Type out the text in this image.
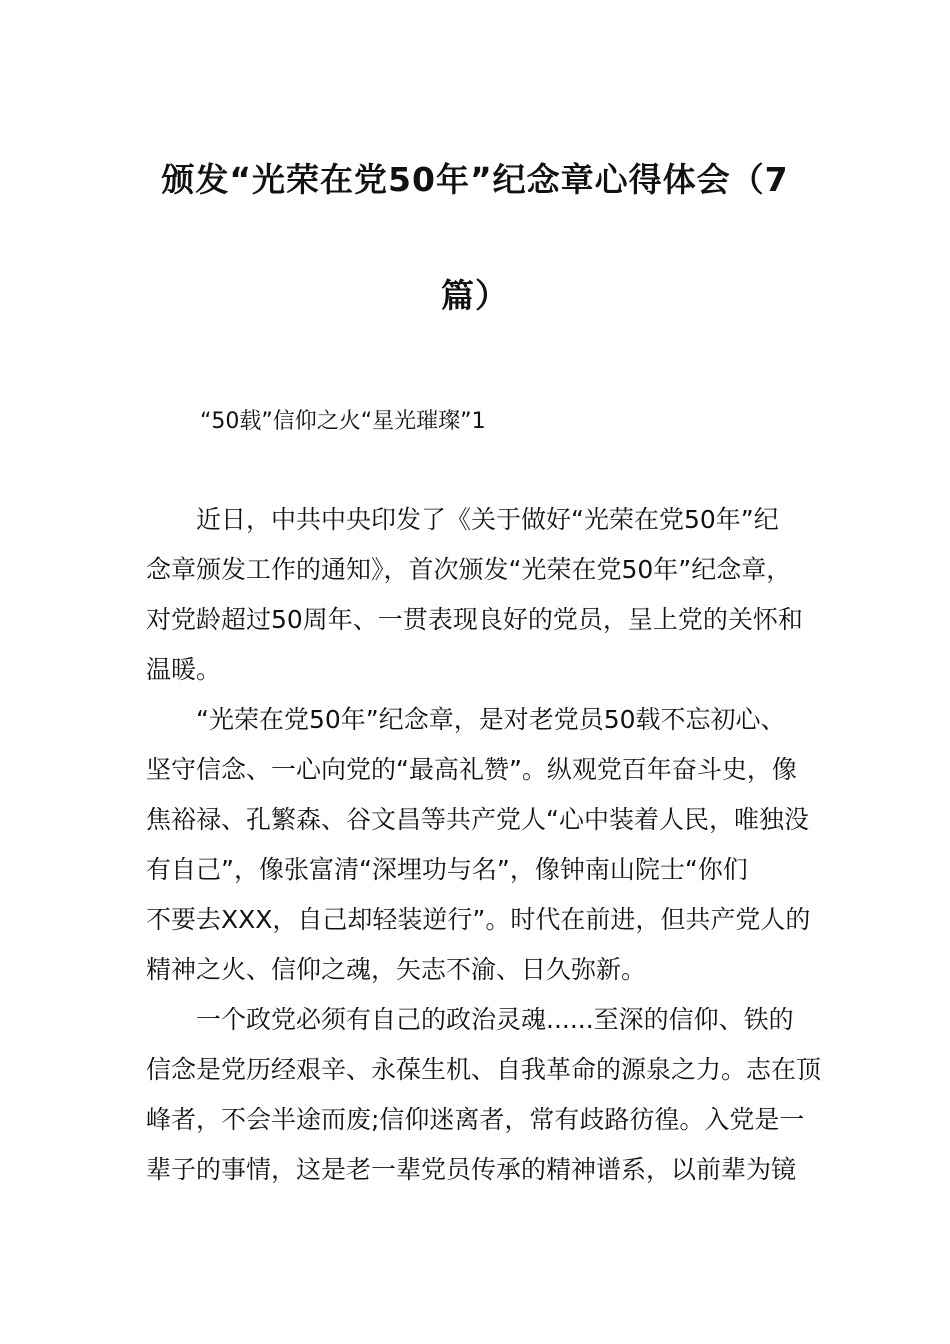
颁发“光荣在党50年”纪念章心得体会（7
篇）
“50载”信仰之火“星光璀璨”1
近日，中共中央印发了《关于做好“光荣在党50年”纪
念章颁发工作的通知》，首次颁发“光荣在党50年”纪念章，
对党龄超过50周年、一贯表现良好的党员，呈上党的关怀和
温暖。
“光荣在党50年”纪念章，是对老党员50载不忘初心、
坚守信念、一心向党的“最高礼赞”。纵观党百年奋斗史，像
焦裕禄、孔繁森、谷文昌等共产党人“心中装着人民，唯独没
有自己”，像张富清“深埋功与名”，像钟南山院士“你们
不要去XXX，自己却轻装逆行”。时代在前进，但共产党人的
精神之火、信仰之魂，矢志不渝、日久弥新。
一个政党必须有自己的政治灵魂......至深的信仰、铁的
信念是党历经艰辛、永葆生机、自我革命的源泉之力。志在顶
峰者，不会半途而废;信仰迷离者，常有歧路彷徨。入党是一
辈子的事情，这是老一辈党员传承的精神谱系，以前辈为镜
